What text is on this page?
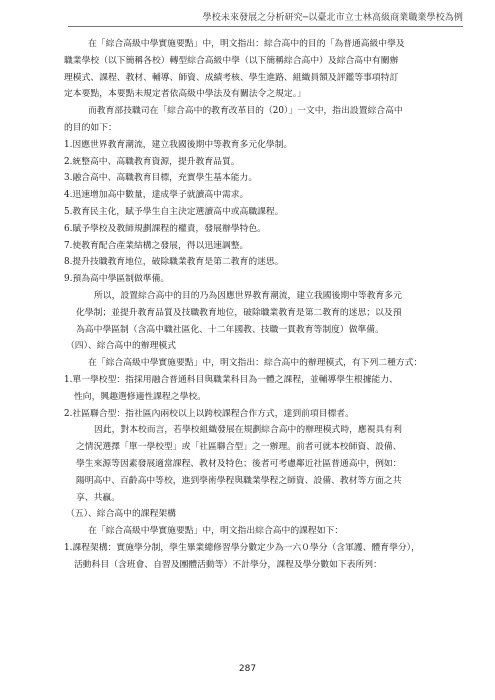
學校未來發展之分析研究─以臺北市立士林高級商業職業學校為例
在「綜合高級中學實施要點」中，明文指出：綜合高中的目的「為普通高級中學及
職業學校（以下簡稱各校）轉型綜合高級中學（以下簡稱綜合高中）及綜合高中有關辦
理模式、課程、教材、輔導、師資、成績考核、學生進路、組織員額及評鑑等事項特訂
定本要點，本要點未規定者依高級中學法及有關法令之規定。」
而教育部技職司在「綜合高中的教育改革目的（20）」一文中，指出設置綜合高中
的目的如下：
1.因應世界教育潮流，建立我國後期中等教育多元化學制。
2.統整高中、高職教育資源，提升教育品質。
3.融合高中、高職教育目標，充實學生基本能力。
4.迅速增加高中數量，達成學子就讀高中需求。
5.教育民主化，賦予學生自主決定選讀高中或高職課程。
6.賦予學校及教師規劃課程的權責，發展辦學特色。
7.使教育配合產業結構之發展，得以迅速調整。
8.提升技職教育地位，破除職業教育是第二教育的迷思。
9.預為高中學區制做準備。
所以，設置綜合高中的目的乃為因應世界教育潮流，建立我國後期中等教育多元
化學制；並提升教育品質及技職教育地位，破除職業教育是第二教育的迷思；以及預
為高中學區制（含高中職社區化、十二年國教、技職一貫教育等制度）做準備。
（四）、綜合高中的辦理模式
在「綜合高級中學實施要點」中，明文指出：綜合高中的辦理模式，有下列二種方式：
1.單一學校型：指採用融合普通科目與職業科目為一體之課程，並輔導學生根據能力、
性向，興趣選修適性課程之學校。
2.社區聯合型：指社區內兩校以上以跨校課程合作方式，達到前項目標者。
因此，對本校而言，若學校組織發展在規劃綜合高中的辦理模式時，應視具有利
之情況選擇「單一學校型」或「社區聯合型」之一辦理。前者可就本校師資、設備、
學生來源等因素發展適當課程、教材及特色；後者可考慮鄰近社區普通高中，例如：
陽明高中、百齡高中等校，進到學術學程與職業學程之師資、設備、教材等方面之共
享、共贏。
（五）、綜合高中的課程架構
在「綜合高級中學實施要點」中，明文指出綜合高中的課程如下：
1.課程架構：實施學分制，學生畢業總修習學分數定少為一六０學分（含軍護、體育學分），
活動科目（含班會、自習及團體活動等）不計學分，課程及學分數如下表所列：
287
